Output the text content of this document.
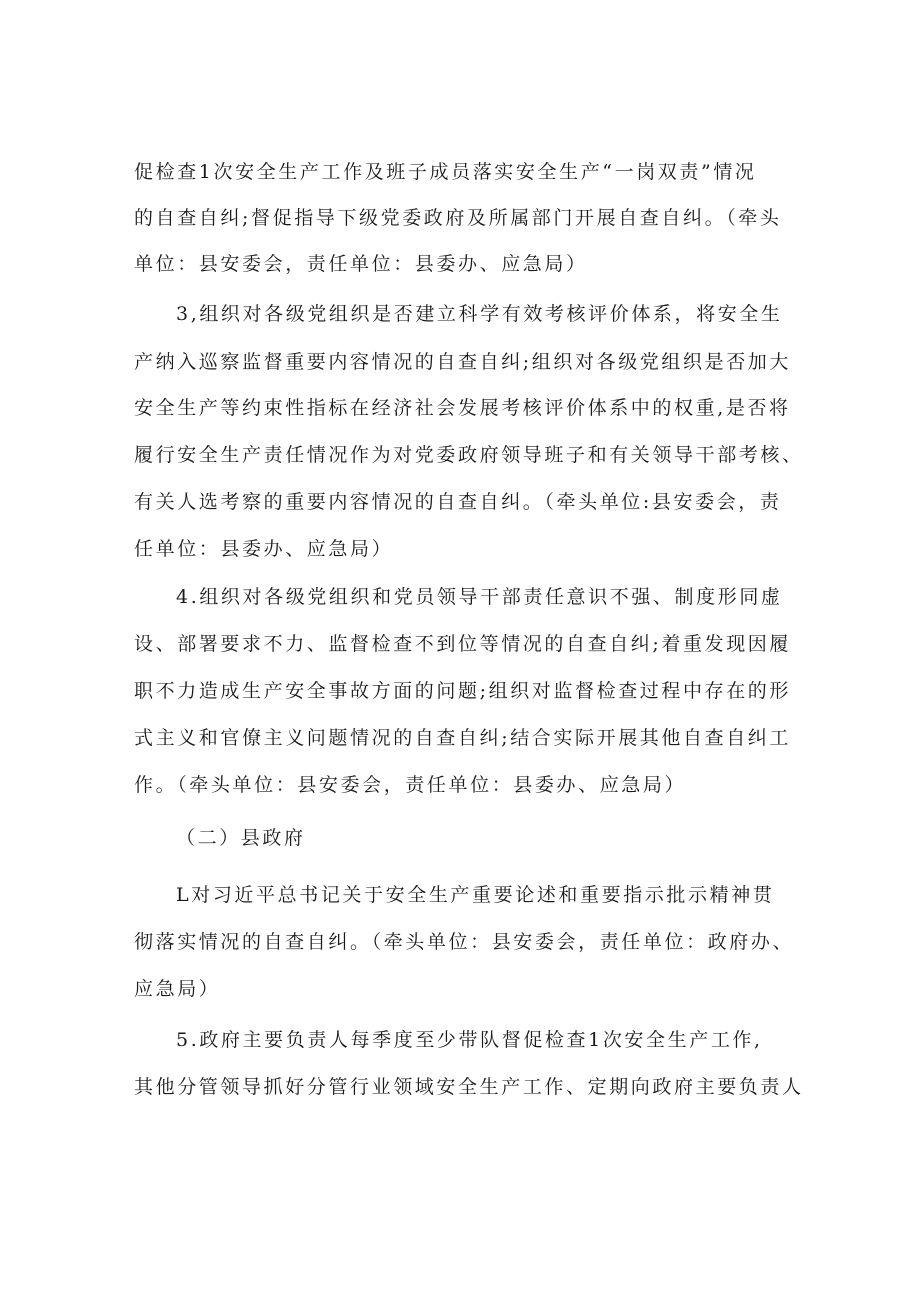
促检查1次安全生产工作及班子成员落实安全生产“一岗双责”情况
的自查自纠;督促指导下级党委政府及所属部门开展自查自纠。（牵头
单位：县安委会，责任单位：县委办、应急局）
3,组织对各级党组织是否建立科学有效考核评价体系，将安全生
产纳入巡察监督重要内容情况的自查自纠;组织对各级党组织是否加大
安全生产等约束性指标在经济社会发展考核评价体系中的权重,是否将
履行安全生产责任情况作为对党委政府领导班子和有关领导干部考核、
有关人选考察的重要内容情况的自查自纠。（牵头单位:县安委会，责
任单位：县委办、应急局）
4.组织对各级党组织和党员领导干部责任意识不强、制度形同虚
设、部署要求不力、监督检查不到位等情况的自查自纠;着重发现因履
职不力造成生产安全事故方面的问题;组织对监督检查过程中存在的形
式主义和官僚主义问题情况的自查自纠;结合实际开展其他自查自纠工
作。（牵头单位：县安委会，责任单位：县委办、应急局）
（二）县政府
L对习近平总书记关于安全生产重要论述和重要指示批示精神贯
彻落实情况的自查自纠。（牵头单位：县安委会，责任单位：政府办、
应急局）
5.政府主要负责人每季度至少带队督促检查1次安全生产工作,
其他分管领导抓好分管行业领域安全生产工作、定期向政府主要负责人
